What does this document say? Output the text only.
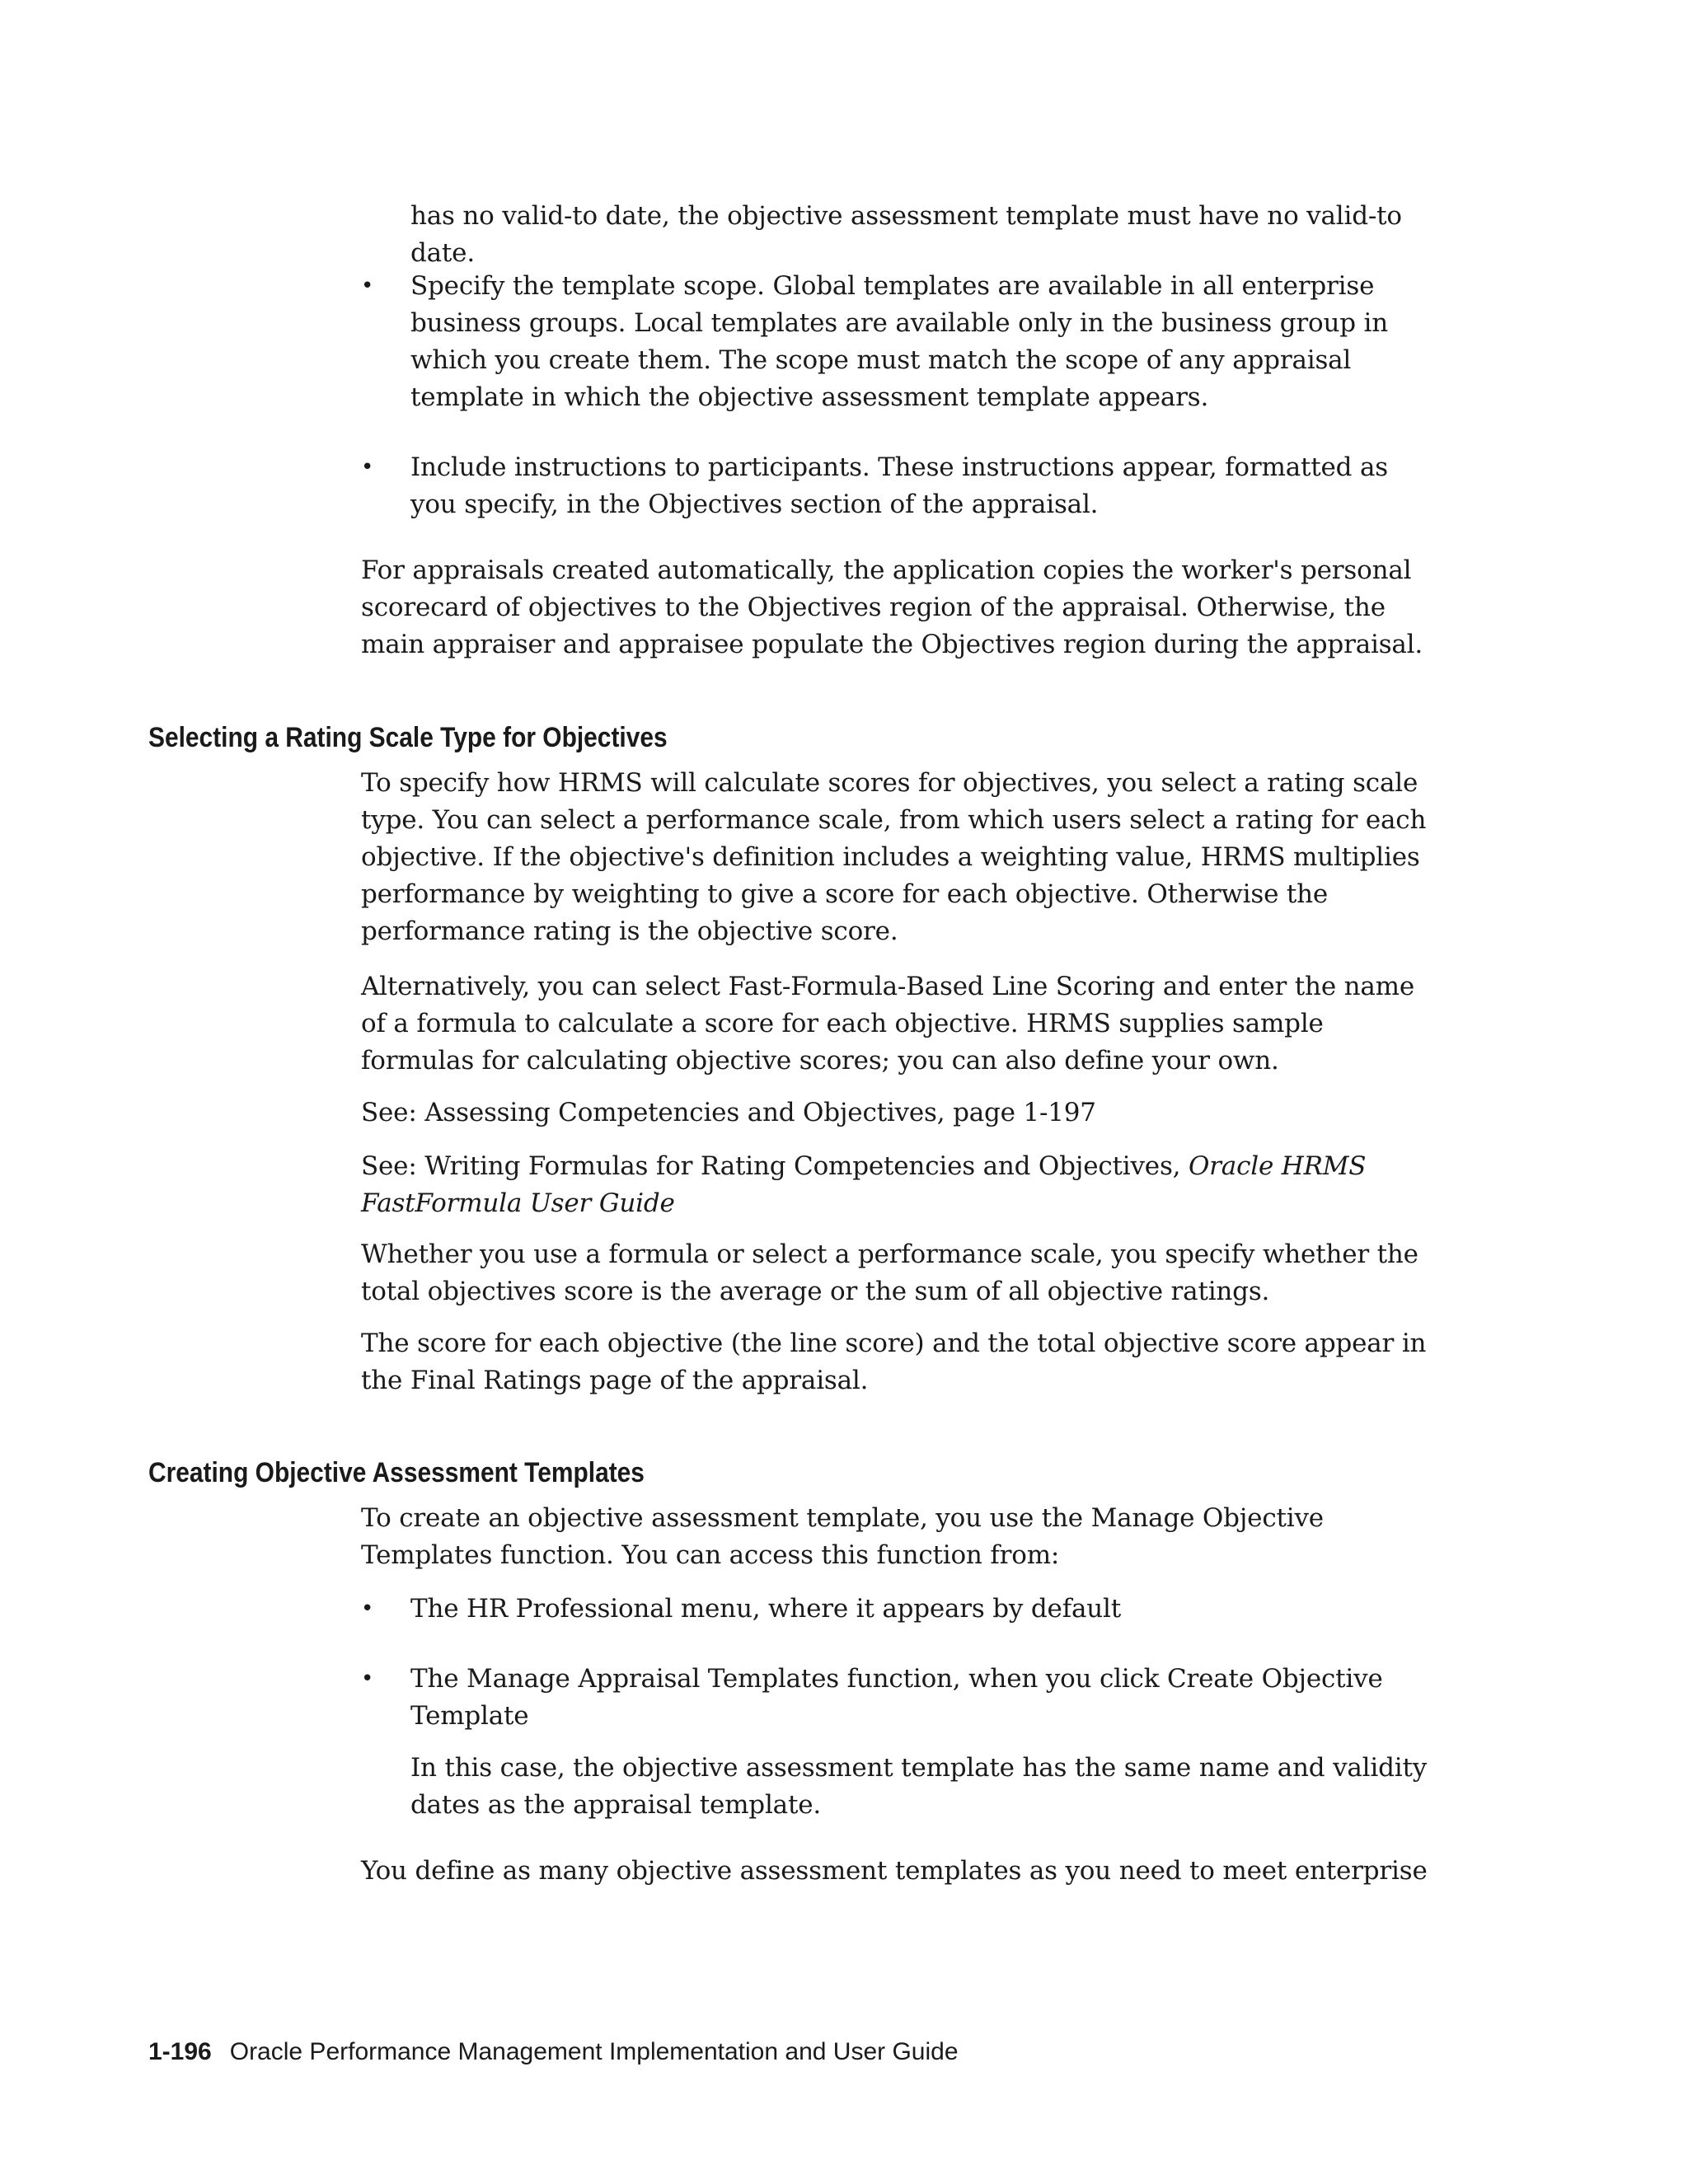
has no valid-to date, the objective assessment template must have no valid-to date.

•	Specify the template scope. Global templates are available in all enterprise business groups. Local templates are available only in the business group in which you create them. The scope must match the scope of any appraisal template in which the objective assessment template appears.

•	Include instructions to participants. These instructions appear, formatted as you specify, in the Objectives section of the appraisal.

For appraisals created automatically, the application copies the worker's personal scorecard of objectives to the Objectives region of the appraisal. Otherwise, the main appraiser and appraisee populate the Objectives region during the appraisal.

Selecting a Rating Scale Type for Objectives

To specify how HRMS will calculate scores for objectives, you select a rating scale type. You can select a performance scale, from which users select a rating for each objective. If the objective's definition includes a weighting value, HRMS multiplies performance by weighting to give a score for each objective. Otherwise the performance rating is the objective score.

Alternatively, you can select Fast-Formula-Based Line Scoring and enter the name of a formula to calculate a score for each objective. HRMS supplies sample formulas for calculating objective scores; you can also define your own.

See: Assessing Competencies and Objectives, page 1-197

See: Writing Formulas for Rating Competencies and Objectives, Oracle HRMS FastFormula User Guide

Whether you use a formula or select a performance scale, you specify whether the total objectives score is the average or the sum of all objective ratings.

The score for each objective (the line score) and the total objective score appear in the Final Ratings page of the appraisal.

Creating Objective Assessment Templates

To create an objective assessment template, you use the Manage Objective Templates function. You can access this function from:

•	The HR Professional menu, where it appears by default

•	The Manage Appraisal Templates function, when you click Create Objective Template

In this case, the objective assessment template has the same name and validity dates as the appraisal template.

You define as many objective assessment templates as you need to meet enterprise

1-196 Oracle Performance Management Implementation and User Guide
